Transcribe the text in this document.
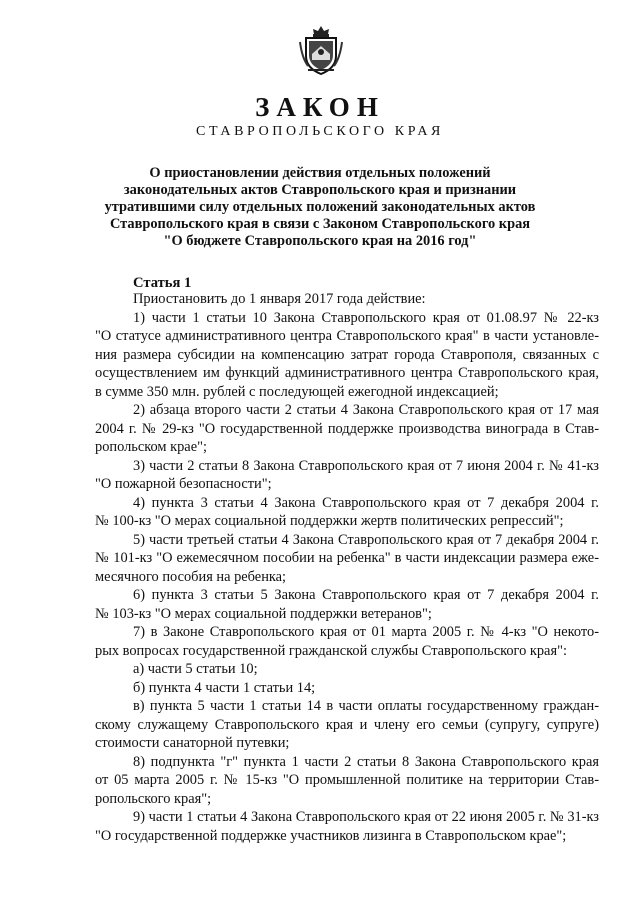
ЗАКОН
СТАВРОПОЛЬСКОГО КРАЯ
О приостановлении действия отдельных положений
законодательных актов Ставропольского края и признании
утратившими силу отдельных положений законодательных актов
Ставропольского края в связи с Законом Ставропольского края
"О бюджете Ставропольского края на 2016 год"
Статья 1

Приостановить до 1 января 2017 года действие:

1) части 1 статьи 10 Закона Ставропольского края от 01.08.97 № 22-кз
"О статусе административного центра Ставропольского края" в части установле-
ния размера субсидии на компенсацию затрат города Ставрополя, связанных с
осуществлением им функций административного центра Ставропольского края,
в сумме 350 млн. рублей с последующей ежегодной индексацией;
2) абзаца второго части 2 статьи 4 Закона Ставропольского края от 17 мая
2004 г. № 29-кз "О государственной поддержке производства винограда в Став-
ропольском крае";
3) части 2 статьи 8 Закона Ставропольского края от 7 июня 2004 г. № 41-кз
"О пожарной безопасности";
4) пункта 3 статьи 4 Закона Ставропольского края от 7 декабря 2004 г.
№ 100-кз "О мерах социальной поддержки жертв политических репрессий";
5) части третьей статьи 4 Закона Ставропольского края от 7 декабря 2004 г.
№ 101-кз "О ежемесячном пособии на ребенка" в части индексации размера еже-
месячного пособия на ребенка;
6) пункта 3 статьи 5 Закона Ставропольского края от 7 декабря 2004 г.
№ 103-кз "О мерах социальной поддержки ветеранов";
7) в Законе Ставропольского края от 01 марта 2005 г. № 4-кз "О некото-
рых вопросах государственной гражданской службы Ставропольского края":
а) части 5 статьи 10;
б) пункта 4 части 1 статьи 14;
в) пункта 5 части 1 статьи 14 в части оплаты государственному граждан-
скому служащему Ставропольского края и члену его семьи (супругу, супруге)
стоимости санаторной путевки;
8) подпункта "г" пункта 1 части 2 статьи 8 Закона Ставропольского края
от 05 марта 2005 г. № 15-кз "О промышленной политике на территории Став-
ропольского края";
9) части 1 статьи 4 Закона Ставропольского края от 22 июня 2005 г. № 31-кз
"О государственной поддержке участников лизинга в Ставропольском крае";
